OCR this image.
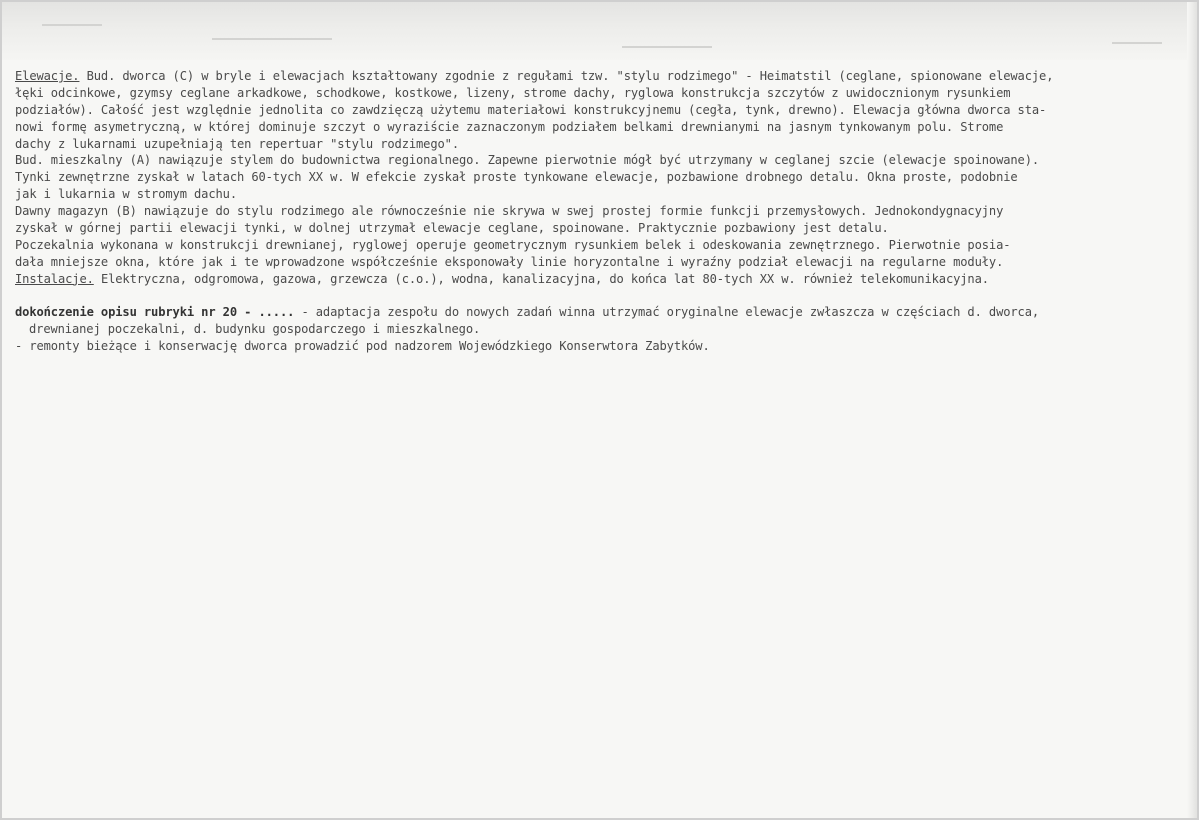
Elewacje. Bud. dworca (C) w bryle i elewacjach kształtowany zgodnie z regułami tzw. "stylu rodzimego" - Heimatstil (ceglane, spionowane elewacje,
łęki odcinkowe, gzymsy ceglane arkadkowe, schodkowe, kostkowe, lizeny, strome dachy, ryglowa konstrukcja szczytów z uwidocznionym rysunkiem
podziałów). Całość jest względnie jednolita co zawdzięczą użytemu materiałowi konstrukcyjnemu (cegła, tynk, drewno). Elewacja główna dworca sta-
nowi formę asymetryczną, w której dominuje szczyt o wyraziście zaznaczonym podziałem belkami drewnianymi na jasnym tynkowanym polu. Strome
dachy z lukarnami uzupełniają ten repertuar "stylu rodzimego".
Bud. mieszkalny (A) nawiązuje stylem do budownictwa regionalnego. Zapewne pierwotnie mógł być utrzymany w ceglanej szcie (elewacje spoinowane).
Tynki zewnętrzne zyskał w latach 60-tych XX w. W efekcie zyskał proste tynkowane elewacje, pozbawione drobnego detalu. Okna proste, podobnie
jak i lukarnia w stromym dachu.
Dawny magazyn (B) nawiązuje do stylu rodzimego ale równocześnie nie skrywa w swej prostej formie funkcji przemysłowych. Jednokondygnacyjny
zyskał w górnej partii elewacji tynki, w dolnej utrzymał elewacje ceglane, spoinowane. Praktycznie pozbawiony jest detalu.
Poczekalnia wykonana w konstrukcji drewnianej, ryglowej operuje geometrycznym rysunkiem belek i odeskowania zewnętrznego. Pierwotnie posia-
dała mniejsze okna, które jak i te wprowadzone współcześnie eksponowały linie horyzontalne i wyraźny podział elewacji na regularne moduły.
Instalacje. Elektryczna, odgromowa, gazowa, grzewcza (c.o.), wodna, kanalizacyjna, do końca lat 80-tych XX w. również telekomunikacyjna.
dokończenie opisu rubryki nr 20 - ..... - adaptacja zespołu do nowych zadań winna utrzymać oryginalne elewacje zwłaszcza w częściach d. dworca,
drewnianej poczekalni, d. budynku gospodarczego i mieszkalnego.
- remonty bieżące i konserwację dworca prowadzić pod nadzorem Wojewódzkiego Konserwtora Zabytków.
